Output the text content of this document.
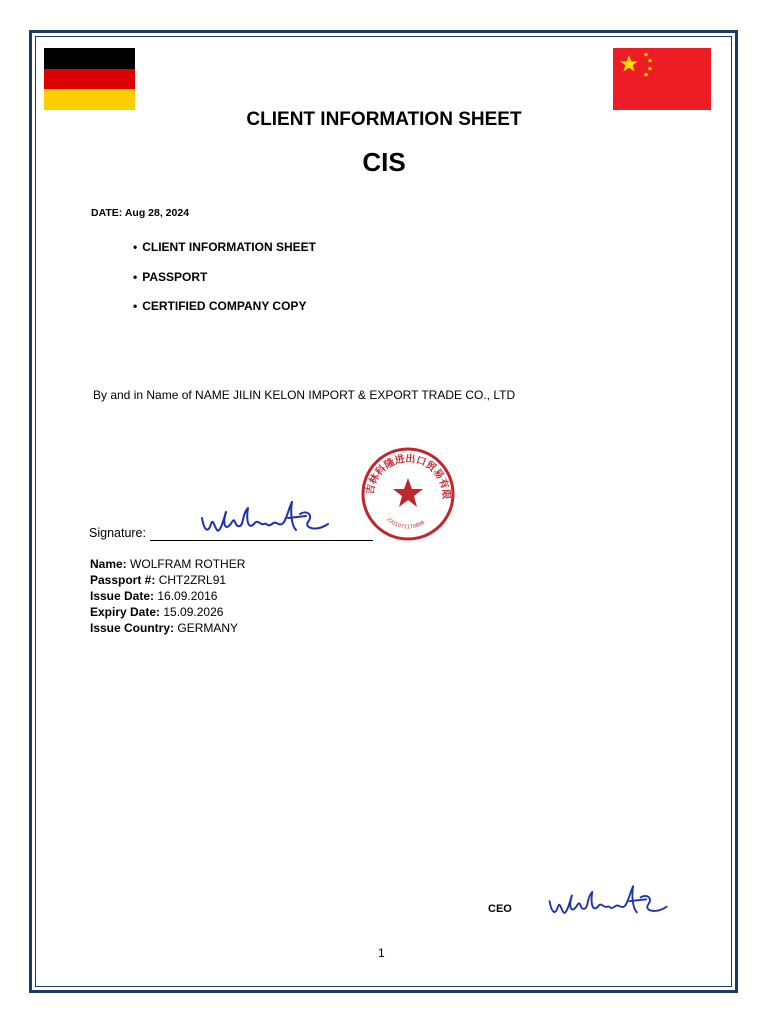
CLIENT INFORMATION SHEET
CIS
DATE: Aug 28, 2024
• CLIENT INFORMATION SHEET
• PASSPORT
• CERTIFIED COMPANY COPY
By and in Name of NAME JILIN KELON IMPORT & EXPORT TRADE CO., LTD
吉林科隆进出口贸易有限
2201071170898
Signature:
Name: WOLFRAM ROTHER
Passport #: CHT2ZRL91
Issue Date: 16.09.2016
Expiry Date: 15.09.2026
Issue Country: GERMANY
CEO
1
